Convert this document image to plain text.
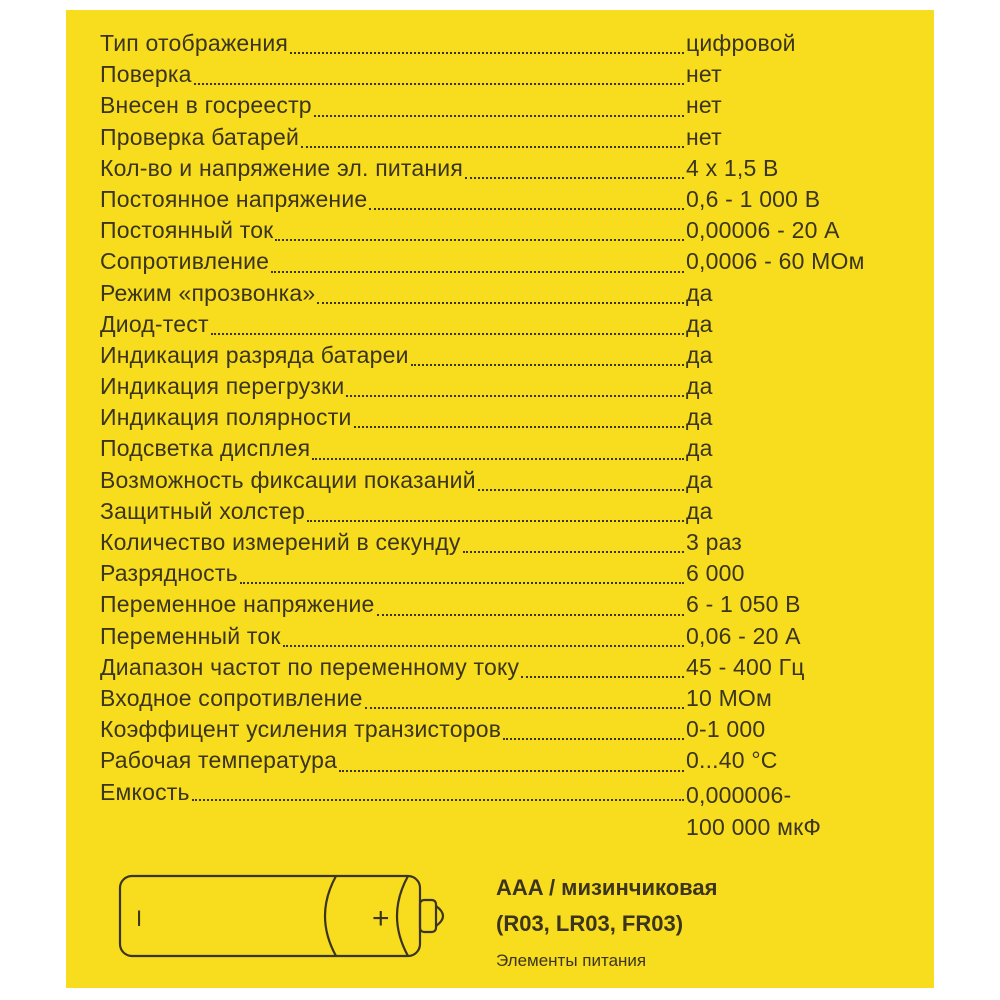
Тип отображения	цифровой
Поверка	нет
Внесен в госреестр	нет
Проверка батарей	нет
Кол-во и напряжение эл. питания	4 х 1,5 В
Постоянное напряжение	0,6 - 1 000 В
Постоянный ток	0,00006 - 20 А
Сопротивление	0,0006 - 60 МОм
Режим «прозвонка»	да
Диод-тест	да
Индикация разряда батареи	да
Индикация перегрузки	да
Индикация полярности	да
Подсветка дисплея	да
Возможность фиксации показаний	да
Защитный холстер	да
Количество измерений в секунду	3 раз
Разрядность	6 000
Переменное напряжение	6 - 1 050 В
Переменный ток	0,06 - 20 А
Диапазон частот по переменному току	45 - 400 Гц
Входное сопротивление	10 МОм
Коэффицент усиления транзисторов	0-1 000
Рабочая температура	0...40 °С
Емкость	0,000006-
100 000 мкФ
I	+
AAA / мизинчиковая
(R03, LR03, FR03)
Элементы питания
